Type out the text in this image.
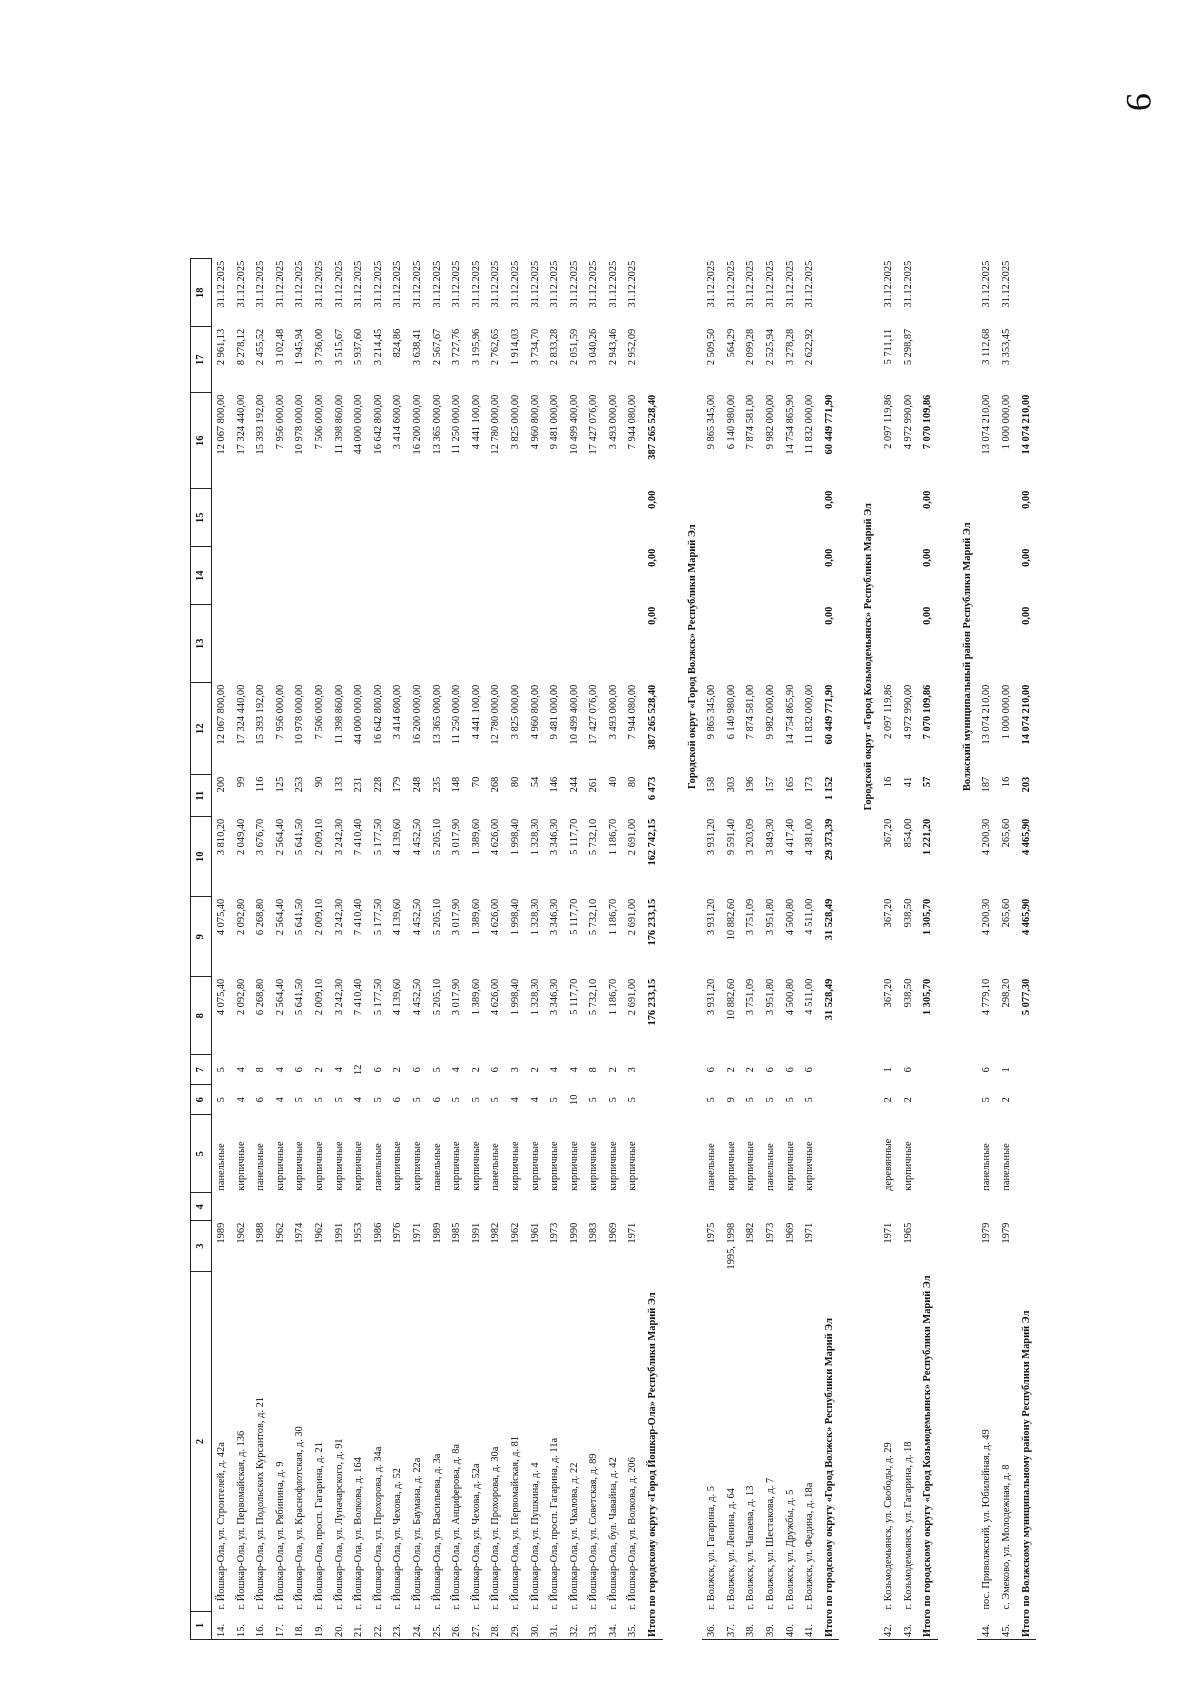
9
1	2	3	4	5	6	7	8	9	10	11	12	13	14	15	16	17	18
14.	г. Йошкар-Ола, ул. Строителей, д. 42а	1989		панельные	5	5	4 075,40	4 075,40	3 810,20	200	12 067 800,00				12 067 800,00	2 961,13	31.12.2025
15.	г. Йошкар-Ола, ул. Первомайская, д. 136	1962		кирпичные	4	4	2 092,80	2 092,80	2 049,40	99	17 324 440,00				17 324 440,00	8 278,12	31.12.2025
16.	г. Йошкар-Ола, ул. Подольских Курсантов, д. 21	1988		панельные	6	8	6 268,80	6 268,80	3 676,70	116	15 393 192,00				15 393 192,00	2 455,52	31.12.2025
17.	г. Йошкар-Ола, ул. Рябинина, д. 9	1962		кирпичные	4	4	2 564,40	2 564,40	2 564,40	125	7 956 000,00				7 956 000,00	3 102,48	31.12.2025
18.	г. Йошкар-Ола, ул. Краснофлотская, д. 30	1974		кирпичные	5	6	5 641,50	5 641,50	5 641,50	253	10 978 000,00				10 978 000,00	1 945,94	31.12.2025
19.	г. Йошкар-Ола, просп. Гагарина, д. 21	1962		кирпичные	5	2	2 009,10	2 009,10	2 009,10	90	7 506 000,00				7 506 000,00	3 736,00	31.12.2025
20.	г. Йошкар-Ола, ул. Луначарского, д. 91	1991		кирпичные	5	4	3 242,30	3 242,30	3 242,30	133	11 398 860,00				11 398 860,00	3 515,67	31.12.2025
21.	г. Йошкар-Ола, ул. Волкова, д. 164	1953		кирпичные	4	12	7 410,40	7 410,40	7 410,40	231	44 000 000,00				44 000 000,00	5 937,60	31.12.2025
22.	г. Йошкар-Ола, ул. Прохорова, д. 34а	1986		панельные	5	6	5 177,50	5 177,50	5 177,50	228	16 642 800,00				16 642 800,00	3 214,45	31.12.2025
23.	г. Йошкар-Ола, ул. Чехова, д. 52	1976		кирпичные	6	2	4 139,60	4 139,60	4 139,60	179	3 414 600,00				3 414 600,00	824,86	31.12.2025
24.	г. Йошкар-Ола, ул. Баумана, д. 22а	1971		кирпичные	5	6	4 452,50	4 452,50	4 452,50	248	16 200 000,00				16 200 000,00	3 638,41	31.12.2025
25.	г. Йошкар-Ола, ул. Васильева, д. 3а	1989		панельные	6	5	5 205,10	5 205,10	5 205,10	235	13 365 000,00				13 365 000,00	2 567,67	31.12.2025
26.	г. Йошкар-Ола, ул. Анциферова, д. 8а	1985		кирпичные	5	4	3 017,90	3 017,90	3 017,90	148	11 250 000,00				11 250 000,00	3 727,76	31.12.2025
27.	г. Йошкар-Ола, ул. Чехова, д. 52а	1991		кирпичные	5	2	1 389,60	1 389,60	1 389,60	70	4 441 100,00				4 441 100,00	3 195,96	31.12.2025
28.	г. Йошкар-Ола, ул. Прохорова, д. 30а	1982		панельные	5	6	4 626,00	4 626,00	4 626,00	268	12 780 000,00				12 780 000,00	2 762,65	31.12.2025
29.	г. Йошкар-Ола, ул. Первомайская, д. 81	1962		кирпичные	4	3	1 998,40	1 998,40	1 998,40	80	3 825 000,00				3 825 000,00	1 914,03	31.12.2025
30.	г. Йошкар-Ола, ул. Пушкина, д. 4	1961		кирпичные	4	2	1 328,30	1 328,30	1 328,30	54	4 960 800,00				4 960 800,00	3 734,70	31.12.2025
31.	г. Йошкар-Ола, просп. Гагарина, д. 11а	1973		кирпичные	5	4	3 346,30	3 346,30	3 346,30	146	9 481 000,00				9 481 000,00	2 833,28	31.12.2025
32.	г. Йошкар-Ола, ул. Чкалова, д. 22	1990		кирпичные	10	4	5 117,70	5 117,70	5 117,70	244	10 499 400,00				10 499 400,00	2 051,59	31.12.2025
33.	г. Йошкар-Ола, ул. Советская, д. 89	1983		кирпичные	5	8	5 732,10	5 732,10	5 732,10	261	17 427 076,00				17 427 076,00	3 040,26	31.12.2025
34.	г. Йошкар-Ола, бул. Чавайна, д. 42	1969		кирпичные	5	2	1 186,70	1 186,70	1 186,70	40	3 493 000,00				3 493 000,00	2 943,46	31.12.2025
35.	г. Йошкар-Ола, ул. Волкова, д. 206	1971		кирпичные	5	3	2 691,00	2 691,00	2 691,00	80	7 944 080,00				7 944 080,00	2 952,09	31.12.2025
Итого по городскому округу «Город Йошкар-Ола» Республики Марий Эл							176 233,15	176 233,15	162 742,15	6 473	387 265 528,40	0,00	0,00	0,00	387 265 528,40		

							Городской округ «Город Волжск» Республики Марий Эл										
36.	г. Волжск, ул. Гагарина, д. 5	1975		панельные	5	6	3 931,20	3 931,20	3 931,20	158	9 865 345,00				9 865 345,00	2 509,50	31.12.2025
37.	г. Волжск, ул. Ленина, д. 64	1995, 1998		кирпичные	9	2	10 882,60	10 882,60	9 591,40	303	6 140 980,00				6 140 980,00	564,29	31.12.2025
38.	г. Волжск, ул. Чапаева, д. 13	1982		кирпичные	5	2	3 751,09	3 751,09	3 203,09	196	7 874 581,00				7 874 581,00	2 099,28	31.12.2025
39.	г. Волжск, ул. Шестакова, д. 7	1973		панельные	5	6	3 951,80	3 951,80	3 849,30	157	9 982 000,00				9 982 000,00	2 525,94	31.12.2025
40.	г. Волжск, ул. Дружбы, д. 5	1969		кирпичные	5	6	4 500,80	4 500,80	4 417,40	165	14 754 865,90				14 754 865,90	3 278,28	31.12.2025
41.	г. Волжск, ул. Федина, д. 18а	1971		кирпичные	5	6	4 511,00	4 511,00	4 381,00	173	11 832 000,00				11 832 000,00	2 622,92	31.12.2025
Итого по городскому округу «Город Волжск» Республики Марий Эл							31 528,49	31 528,49	29 373,39	1 152	60 449 771,90	0,00	0,00	0,00	60 449 771,90		

							Городской округ «Город Козьмодемьянск» Республики Марий Эл										
42.	г. Козьмодемьянск, ул. Свободы, д. 29	1971		деревянные	2	1	367,20	367,20	367,20	16	2 097 119,86				2 097 119,86	5 711,11	31.12.2025
43.	г. Козьмодемьянск, ул. Гагарина, д. 18	1965		кирпичные	2	6	938,50	938,50	854,00	41	4 972 990,00				4 972 990,00	5 298,87	31.12.2025
Итого по городскому округу «Город Козьмодемьянск» Республики Марий Эл							1 305,70	1 305,70	1 221,20	57	7 070 109,86	0,00	0,00	0,00	7 070 109,86		

							Волжский муниципальный район Республики Марий Эл										
44.	пос. Приволжский, ул. Юбилейная, д. 49	1979		панельные	5	6	4 779,10	4 200,30	4 200,30	187	13 074 210,00				13 074 210,00	3 112,68	31.12.2025
45.	с. Эмеково, ул. Молодежная, д. 8	1979		панельные	2	1	298,20	265,60	265,60	16	1 000 000,00				1 000 000,00	3 353,45	31.12.2025
Итого по Волжскому муниципальному району Республики Марий Эл							5 077,30	4 465,90	4 465,90	203	14 074 210,00	0,00	0,00	0,00	14 074 210,00		
